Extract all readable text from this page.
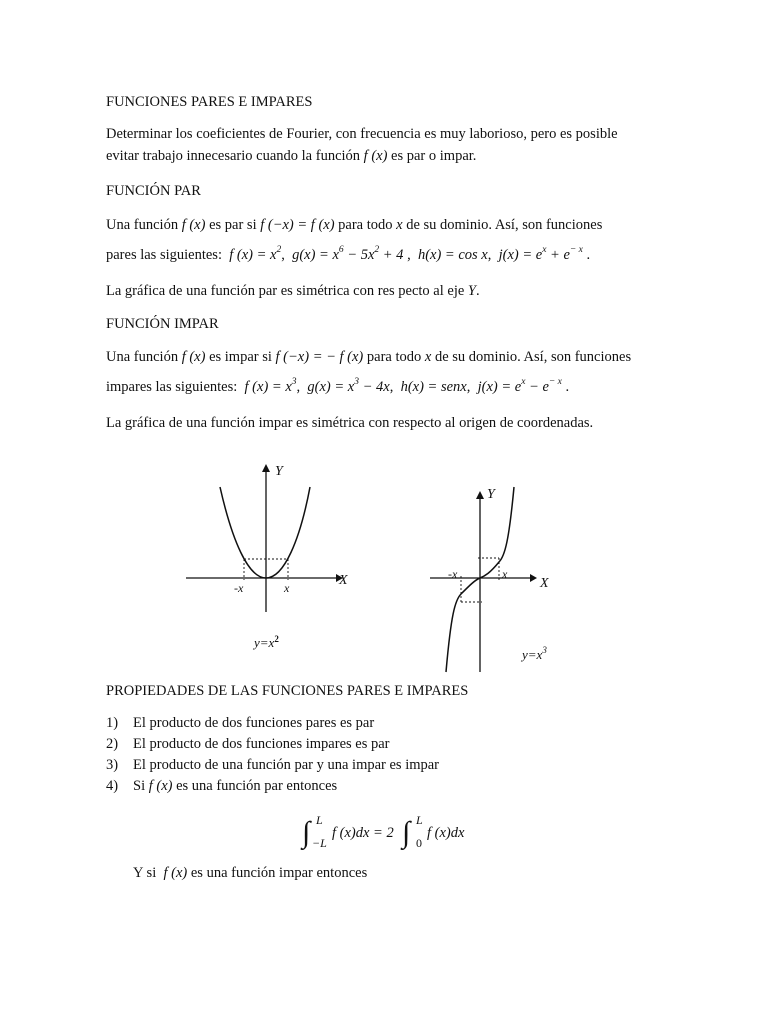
FUNCIONES PARES E IMPARES
Determinar los coeficientes de Fourier, con frecuencia es muy laborioso, pero es posible
evitar trabajo innecesario cuando la función f (x) es par o impar.
FUNCIÓN PAR
Una función f (x) es par si f (−x) = f (x) para todo x de su dominio. Así, son funciones
pares las siguientes: f $(x) = x^2$,  $g(x) = x^6 - 5x^2 + 4$ ,  h(x) = cos x,  $j(x) = e^x + e^{- x}$ .
La gráfica de una función par es simétrica con res pecto al eje Y.
FUNCIÓN IMPAR
Una función f (x) es impar si f (−x) = − f (x) para todo x de su dominio. Así, son funciones
impares las siguientes: f $(x) = x^3$,  $g(x) = x^3 - 4x$,  h(x) = senx,  $j(x) = e^x - e^{- x}$ .
La gráfica de una función impar es simétrica con respecto al origen de coordenadas.
Y
X
-x	x
$y=x^2$
Y
X
-x	x
$y=x^3$
PROPIEDADES DE LAS FUNCIONES PARES E IMPARES
1) El producto de dos funciones pares es par
2) El producto de dos funciones impares es par
3) El producto de una función par y una impar es impar
4) Si f (x) es una función par entonces
∫ L
−L
f (x)dx = 2 ∫ L
0
f (x)dx
Y si  f (x) es una función impar entonces
